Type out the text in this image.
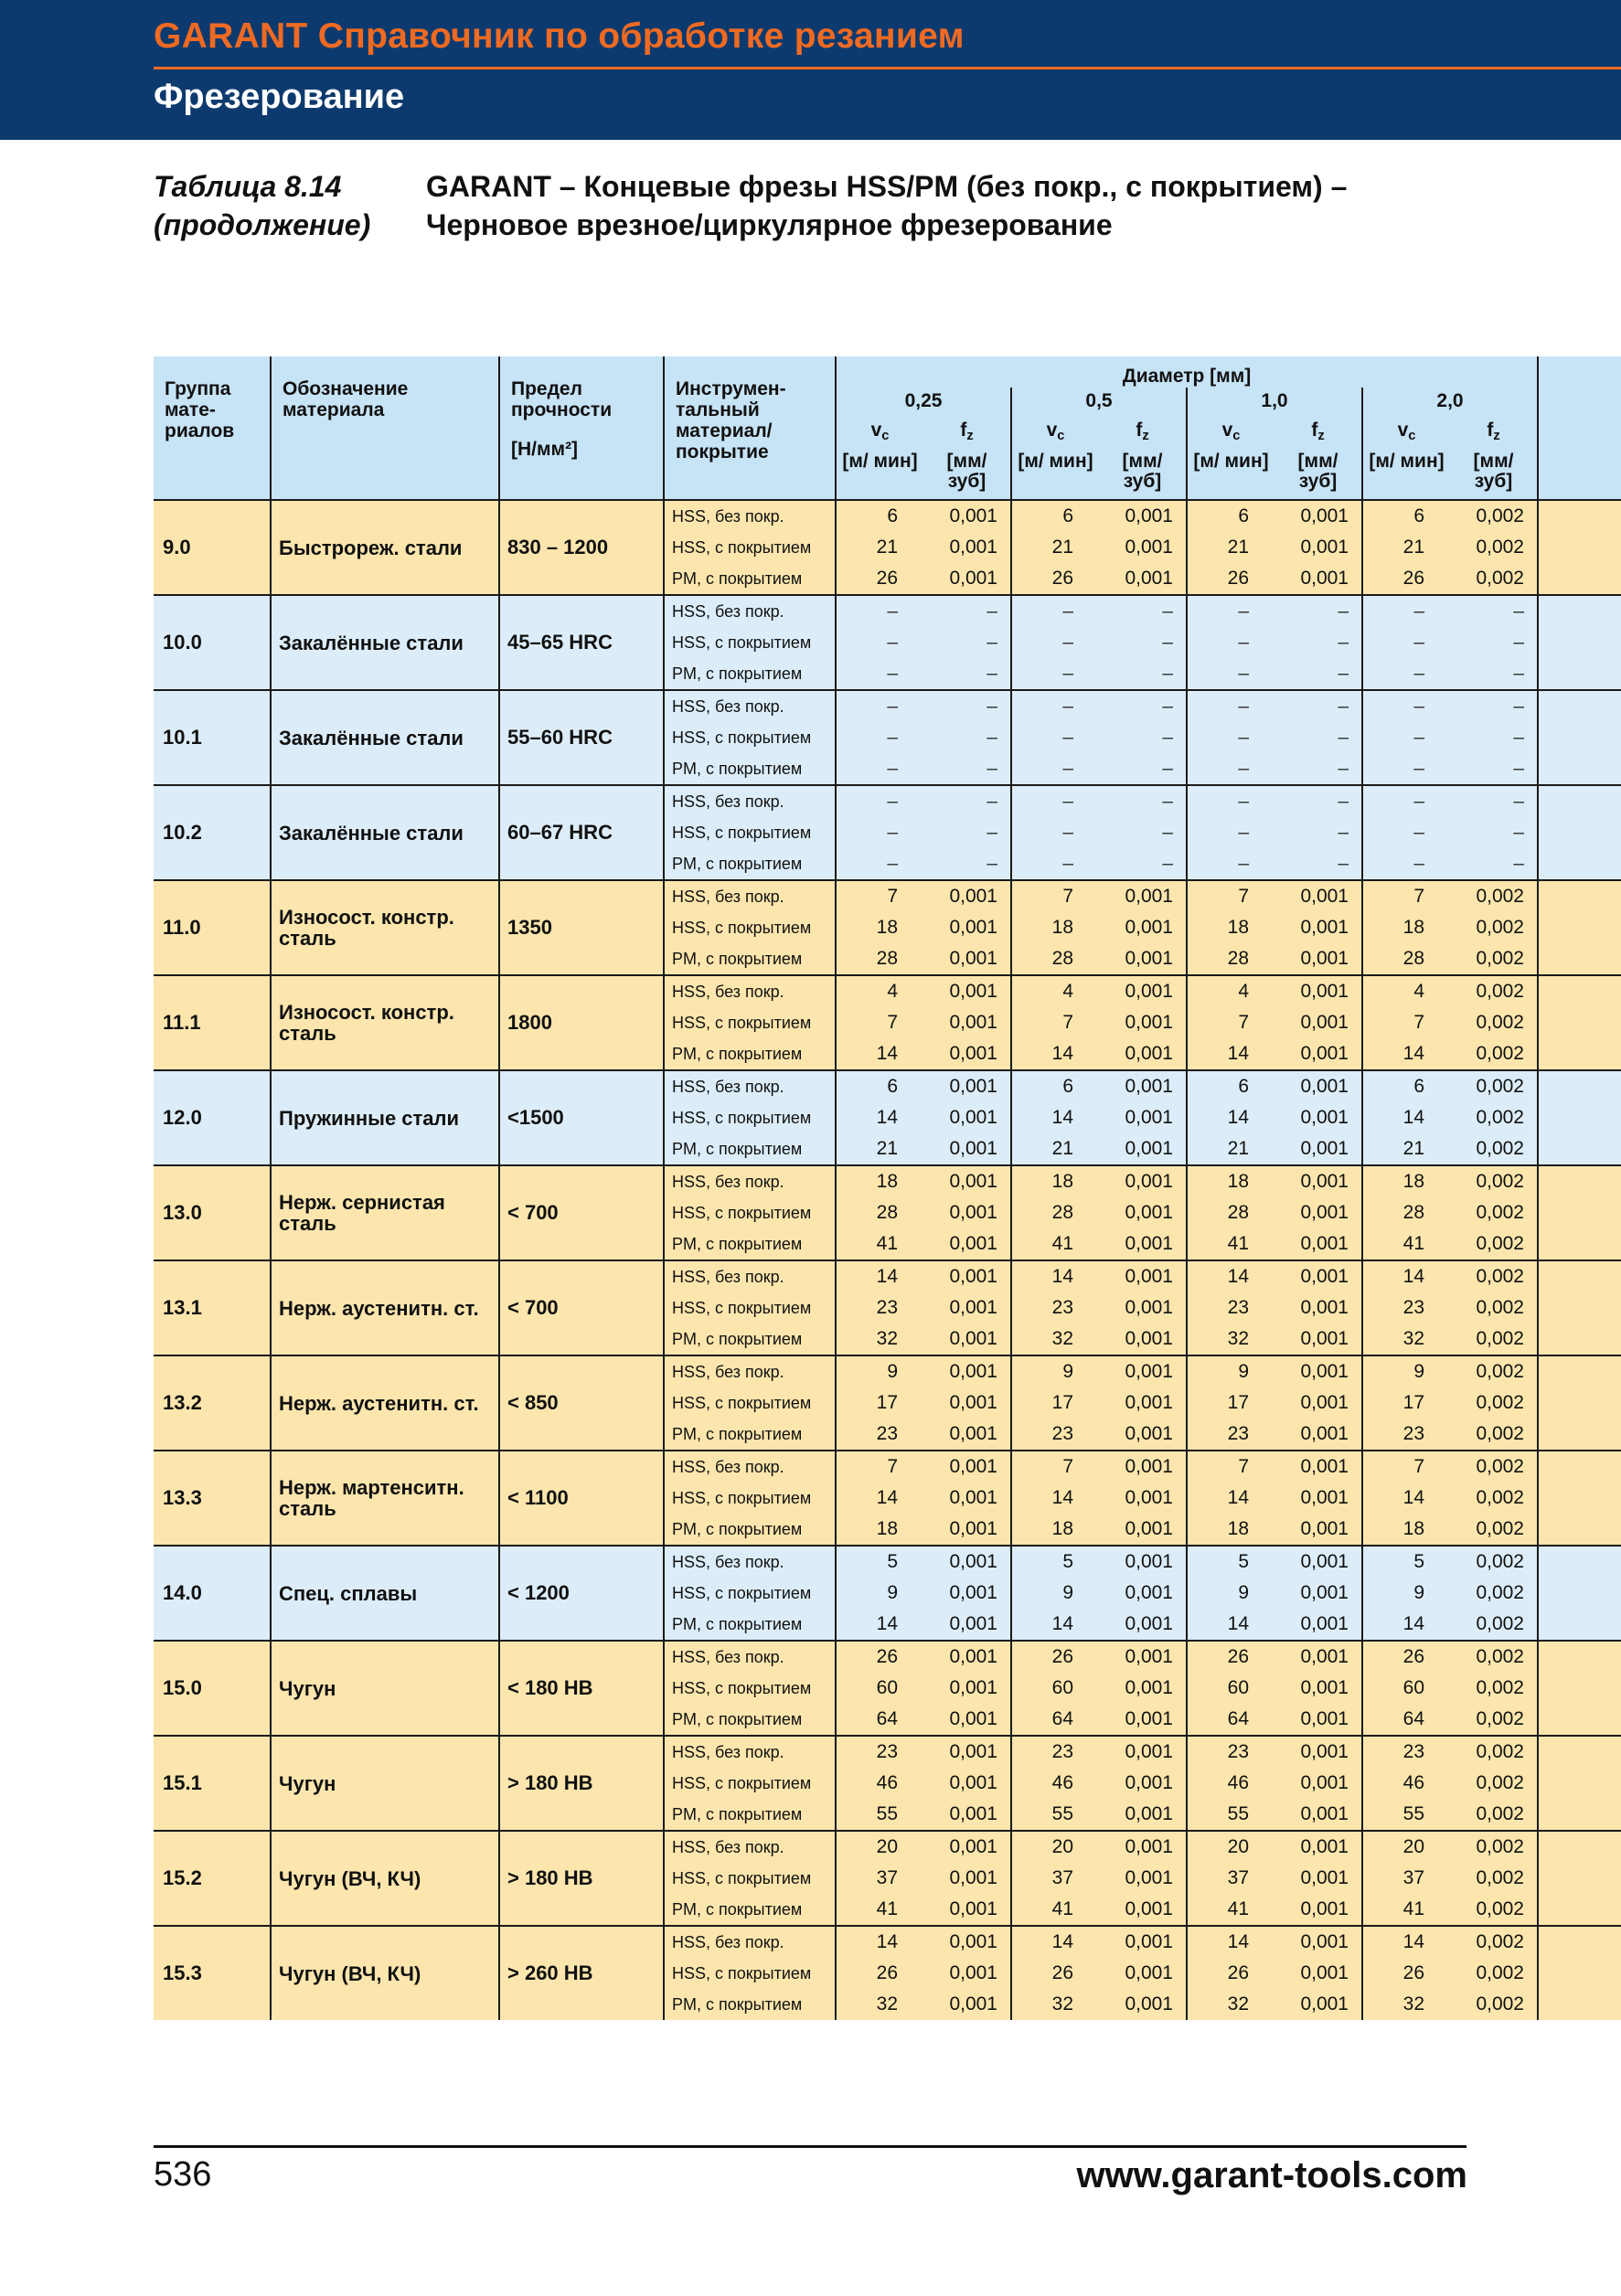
GARANT Справочник по обработке резанием
Фрезерование
Таблица 8.14
(продолжение)
GARANT – Концевые фрезы HSS/PM (без покр., с покрытием) –
Черновое врезное/циркулярное фрезерование
Группа мате-риалов	Обозначение материала	Предел прочности
[Н/мм²]	Инструмен-тальный материал/ покрытие	Диаметр [мм]								
				0,25		0,5		1,0		2,0		
				$v_c$	$f_z$	$v_c$	$f_z$	$v_c$	$f_z$	$v_c$	$f_z$
				[м/ мин]	[мм/ зуб]	[м/ мин]	[мм/ зуб]	[м/ мин]	[мм/ зуб]	[м/ мин]	[мм/ зуб]	
9.0	Быстрореж. стали	830 – 1200	HSS, без покр.	6	0,001	6	0,001	6	0,001	6	0,002	
			HSS, с покрытием	21	0,001	21	0,001	21	0,001	21	0,002	
			PM, с покрытием	26	0,001	26	0,001	26	0,001	26	0,002	
10.0	Закалённые стали	45–65 HRC	HSS, без покр.	–	–	–	–	–	–	–	–	
			HSS, с покрытием	–	–	–	–	–	–	–	–	
			PM, с покрытием	–	–	–	–	–	–	–	–	
10.1	Закалённые стали	55–60 HRC	HSS, без покр.	–	–	–	–	–	–	–	–	
			HSS, с покрытием	–	–	–	–	–	–	–	–	
			PM, с покрытием	–	–	–	–	–	–	–	–	
10.2	Закалённые стали	60–67 HRC	HSS, без покр.	–	–	–	–	–	–	–	–	
			HSS, с покрытием	–	–	–	–	–	–	–	–	
			PM, с покрытием	–	–	–	–	–	–	–	–	
11.0	Износост. констр. сталь	1350	HSS, без покр.	7	0,001	7	0,001	7	0,001	7	0,002	
			HSS, с покрытием	18	0,001	18	0,001	18	0,001	18	0,002	
			PM, с покрытием	28	0,001	28	0,001	28	0,001	28	0,002	
11.1	Износост. констр. сталь	1800	HSS, без покр.	4	0,001	4	0,001	4	0,001	4	0,002	
			HSS, с покрытием	7	0,001	7	0,001	7	0,001	7	0,002	
			PM, с покрытием	14	0,001	14	0,001	14	0,001	14	0,002	
12.0	Пружинные стали	<1500	HSS, без покр.	6	0,001	6	0,001	6	0,001	6	0,002	
			HSS, с покрытием	14	0,001	14	0,001	14	0,001	14	0,002	
			PM, с покрытием	21	0,001	21	0,001	21	0,001	21	0,002	
13.0	Нерж. сернистая сталь	< 700	HSS, без покр.	18	0,001	18	0,001	18	0,001	18	0,002	
			HSS, с покрытием	28	0,001	28	0,001	28	0,001	28	0,002	
			PM, с покрытием	41	0,001	41	0,001	41	0,001	41	0,002	
13.1	Нерж. аустенитн. ст.	< 700	HSS, без покр.	14	0,001	14	0,001	14	0,001	14	0,002	
			HSS, с покрытием	23	0,001	23	0,001	23	0,001	23	0,002	
			PM, с покрытием	32	0,001	32	0,001	32	0,001	32	0,002	
13.2	Нерж. аустенитн. ст.	< 850	HSS, без покр.	9	0,001	9	0,001	9	0,001	9	0,002	
			HSS, с покрытием	17	0,001	17	0,001	17	0,001	17	0,002	
			PM, с покрытием	23	0,001	23	0,001	23	0,001	23	0,002	
13.3	Нерж. мартенситн. сталь	< 1100	HSS, без покр.	7	0,001	7	0,001	7	0,001	7	0,002	
			HSS, с покрытием	14	0,001	14	0,001	14	0,001	14	0,002	
			PM, с покрытием	18	0,001	18	0,001	18	0,001	18	0,002	
14.0	Спец. сплавы	< 1200	HSS, без покр.	5	0,001	5	0,001	5	0,001	5	0,002	
			HSS, с покрытием	9	0,001	9	0,001	9	0,001	9	0,002	
			PM, с покрытием	14	0,001	14	0,001	14	0,001	14	0,002	
15.0	Чугун	< 180 HB	HSS, без покр.	26	0,001	26	0,001	26	0,001	26	0,002	
			HSS, с покрытием	60	0,001	60	0,001	60	0,001	60	0,002	
			PM, с покрытием	64	0,001	64	0,001	64	0,001	64	0,002	
15.1	Чугун	> 180 HB	HSS, без покр.	23	0,001	23	0,001	23	0,001	23	0,002	
			HSS, с покрытием	46	0,001	46	0,001	46	0,001	46	0,002	
			PM, с покрытием	55	0,001	55	0,001	55	0,001	55	0,002	
15.2	Чугун (ВЧ, КЧ)	> 180 HB	HSS, без покр.	20	0,001	20	0,001	20	0,001	20	0,002	
			HSS, с покрытием	37	0,001	37	0,001	37	0,001	37	0,002	
			PM, с покрытием	41	0,001	41	0,001	41	0,001	41	0,002	
15.3	Чугун (ВЧ, КЧ)	> 260 HB	HSS, без покр.	14	0,001	14	0,001	14	0,001	14	0,002	
			HSS, с покрытием	26	0,001	26	0,001	26	0,001	26	0,002	
			PM, с покрытием	32	0,001	32	0,001	32	0,001	32	0,002	
536	www.garant-tools.com
